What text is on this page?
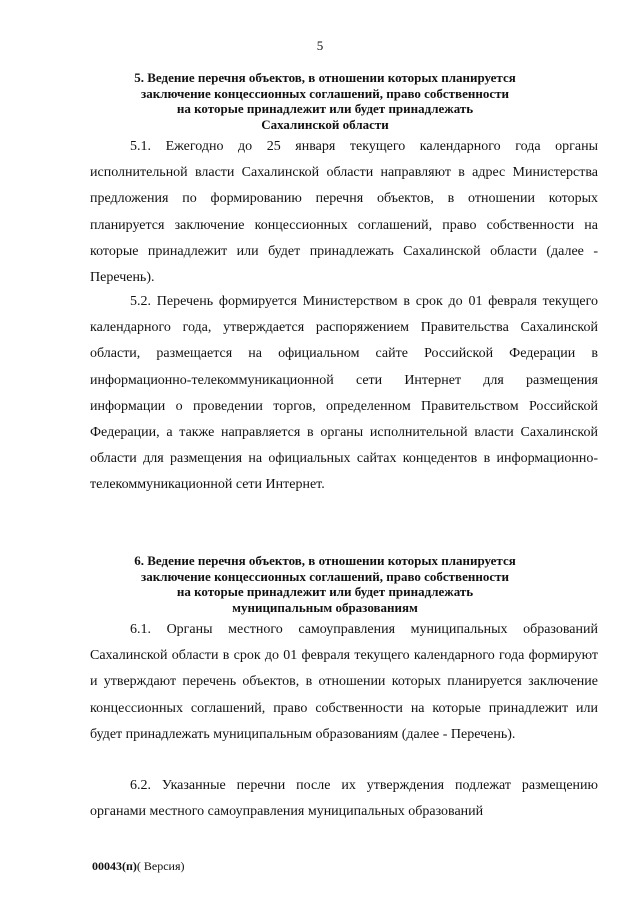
5
5. Ведение перечня объектов, в отношении которых планируется
заключение концессионных соглашений, право собственности
на которые принадлежит или будет принадлежать
Сахалинской области

5.1. Ежегодно до 25 января текущего календарного года органы исполнительной власти Сахалинской области направляют в адрес Министерства предложения по формированию перечня объектов, в отношении которых планируется заключение концессионных соглашений, право собственности на которые принадлежит или будет принадлежать Сахалинской области (далее - Перечень).

5.2. Перечень формируется Министерством в срок до 01 февраля текущего календарного года, утверждается распоряжением Правительства Сахалинской области, размещается на официальном сайте Российской Федерации в информационно-телекоммуникационной сети Интернет для размещения информации о проведении торгов, определенном Правительством Российской Федерации, а также направляется в органы исполнительной власти Сахалинской области для размещения на официальных сайтах концедентов в информационно-телекоммуникационной сети Интернет.

6. Ведение перечня объектов, в отношении которых планируется
заключение концессионных соглашений, право собственности
на которые принадлежит или будет принадлежать
муниципальным образованиям

6.1. Органы местного самоуправления муниципальных образований Сахалинской области в срок до 01 февраля текущего календарного года формируют и утверждают перечень объектов, в отношении которых планируется заключение концессионных соглашений, право собственности на которые принадлежит или будет принадлежать муниципальным образованиям (далее - Перечень).

6.2. Указанные перечни после их утверждения подлежат размещению органами местного самоуправления муниципальных образований

00043(п)( Версия)
